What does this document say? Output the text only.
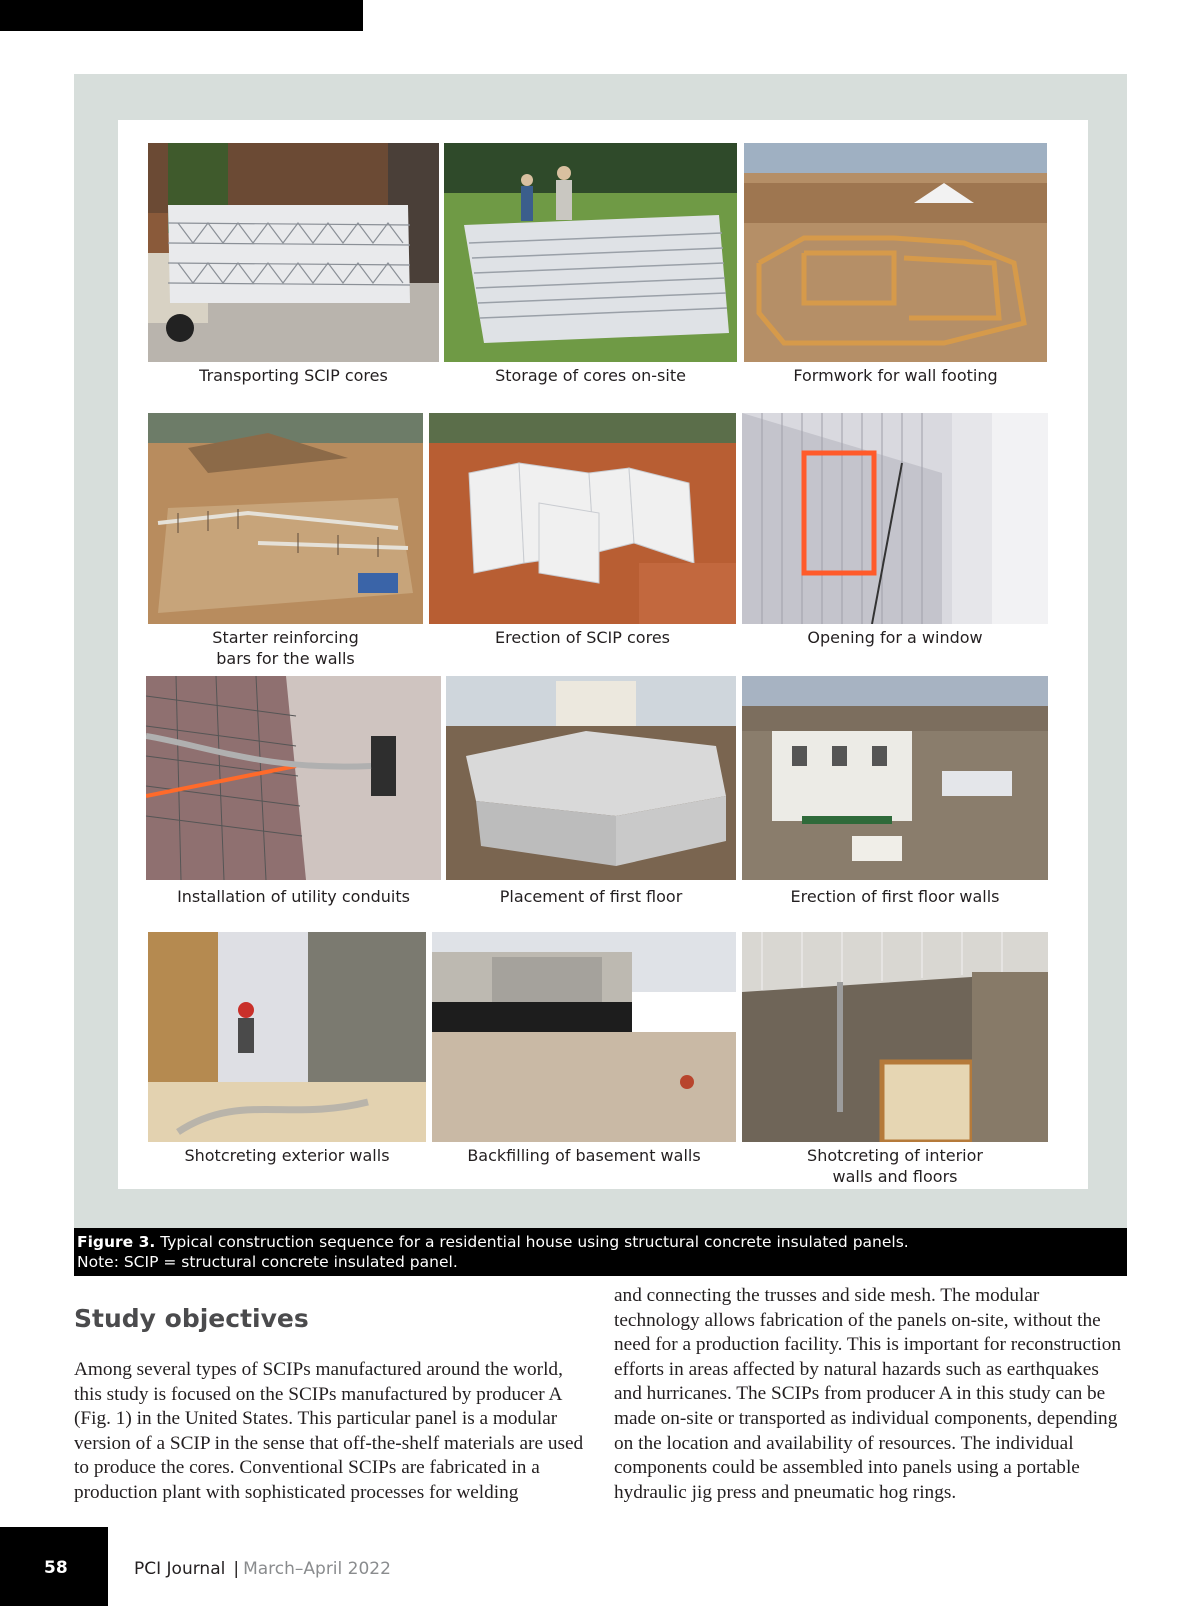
Transporting SCIP cores	Storage of cores on-site	Formwork for wall footing
Starter reinforcing
bars for the walls
Erection of SCIP cores	Opening for a window
Installation of utility conduits	Placement of first floor	Erection of first floor walls
Shotcreting exterior walls	Backfilling of basement walls	Shotcreting of interior
walls and floors
Figure 3. Typical construction sequence for a residential house using structural concrete insulated panels.
Note: SCIP = structural concrete insulated panel.
Study objectives

Among several types of SCIPs manufactured around the world, this study is focused on the SCIPs manufactured by producer A (Fig. 1) in the United States. This particular panel is a modular version of a SCIP in the sense that off-the-shelf materials are used to produce the cores. Conventional SCIPs are fabricated in a production plant with sophisticated processes for welding

and connecting the trusses and side mesh. The modular technology allows fabrication of the panels on-site, without the need for a production facility. This is important for reconstruction efforts in areas affected by natural hazards such as earthquakes and hurricanes. The SCIPs from producer A in this study can be made on-site or transported as individual components, depending on the location and availability of resources. The individual components could be assembled into panels using a portable hydraulic jig press and pneumatic hog rings.

58	PCI Journal | March–April 2022
